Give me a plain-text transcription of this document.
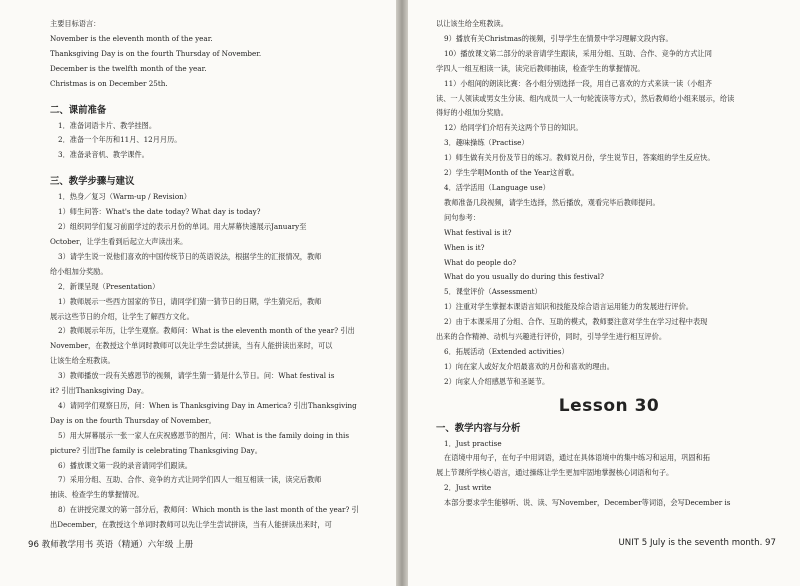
主要目标语言：
November is the eleventh month of the year.
Thanksgiving Day is on the fourth Thursday of November.
December is the twelfth month of the year.
Christmas is on December 25th.
二、课前准备
1．准备词语卡片、教学挂图。
2．准备一个年历和11月、12月月历。
3．准备录音机、教学课件。
三、教学步骤与建议
1．热身／复习（Warm-up / Revision）
1）师生问答：What's the date today? What day is today?
2）组织同学们复习前面学过的表示月份的单词。用大屏幕快速展示January至
October，让学生看到后起立大声读出来。
3）请学生说一说他们喜欢的中国传统节日的英语说法，根据学生的汇报情况，教师
给小组加分奖励。
2．新课呈现（Presentation）
1）教师展示一些西方国家的节日，请同学们猜一猜节日的日期，学生猜完后，教师
展示这些节日的介绍，让学生了解西方文化。
2）教师展示年历，让学生观察。教师问：What is the eleventh month of the year? 引出
November，在教授这个单词时教师可以先让学生尝试拼读，当有人能拼读出来时，可以
让该生给全班教读。
3）教师播放一段有关感恩节的视频，请学生猜一猜是什么节日。问：What festival is
it? 引出Thanksgiving Day。
4）请同学们观察日历，问：When is Thanksgiving Day in America? 引出Thanksgiving
Day is on the fourth Thursday of November。
5）用大屏幕展示一张一家人在庆祝感恩节的图片，问：What is the family doing in this
picture? 引出The family is celebrating Thanksgiving Day。
6）播放课文第一段的录音请同学们跟读。
7）采用分组、互助、合作、竞争的方式让同学们四人一组互相读一读，读完后教师
抽读、检查学生的掌握情况。
8）在讲授完课文的第一部分后，教师问：Which month is the last month of the year? 引
出December，在教授这个单词时教师可以先让学生尝试拼读，当有人能拼读出来时，可
96 教师教学用书 英语（精通）六年级 上册
以让该生给全班教读。
9）播放有关Christmas的视频，引导学生在情景中学习理解文段内容。
10）播放课文第二部分的录音请学生跟读，采用分组、互助、合作、竞争的方式让同
学四人一组互相读一读，读完后教师抽读，检查学生的掌握情况。
11）小组间的朗读比赛：各小组分别选择一段，用自己喜欢的方式来读一读（小组齐
读、一人领读或男女生分读、组内成员一人一句轮流读等方式），然后教师给小组来展示，给读
得好的小组加分奖励。
12）给同学们介绍有关这两个节日的知识。
3．趣味操练（Practise）
1）师生做有关月份及节日的练习。教师说月份，学生说节日，答案组的学生反应快。
2）学生学唱Month of the Year这首歌。
4．活学活用（Language use）
教师准备几段视频，请学生选择，然后播放，观看完毕后教师提问。
问句参考：
What festival is it?
When is it?
What do people do?
What do you usually do during this festival?
5．课堂评价（Assessment）
1）注重对学生掌握本课语言知识和技能及综合语言运用能力的发展进行评价。
2）由于本课采用了分组、合作、互助的模式，教师要注意对学生在学习过程中表现
出来的合作精神、动机与兴趣进行评价，同时，引导学生进行相互评价。
6．拓展活动（Extended activities）
1）向在家人或好友介绍最喜欢的月份和喜欢的理由。
2）向家人介绍感恩节和圣诞节。
Lesson 30
一、教学内容与分析
1．Just practise
在语境中用句子，在句子中用词语，通过在具体语境中的集中练习和运用，巩固和拓
展上节课所学核心语言，通过操练让学生更加牢固地掌握核心词语和句子。
2．Just write
本部分要求学生能够听、说、读、写November，December等词语，会写December is
UNIT 5 July is the seventh month. 97
